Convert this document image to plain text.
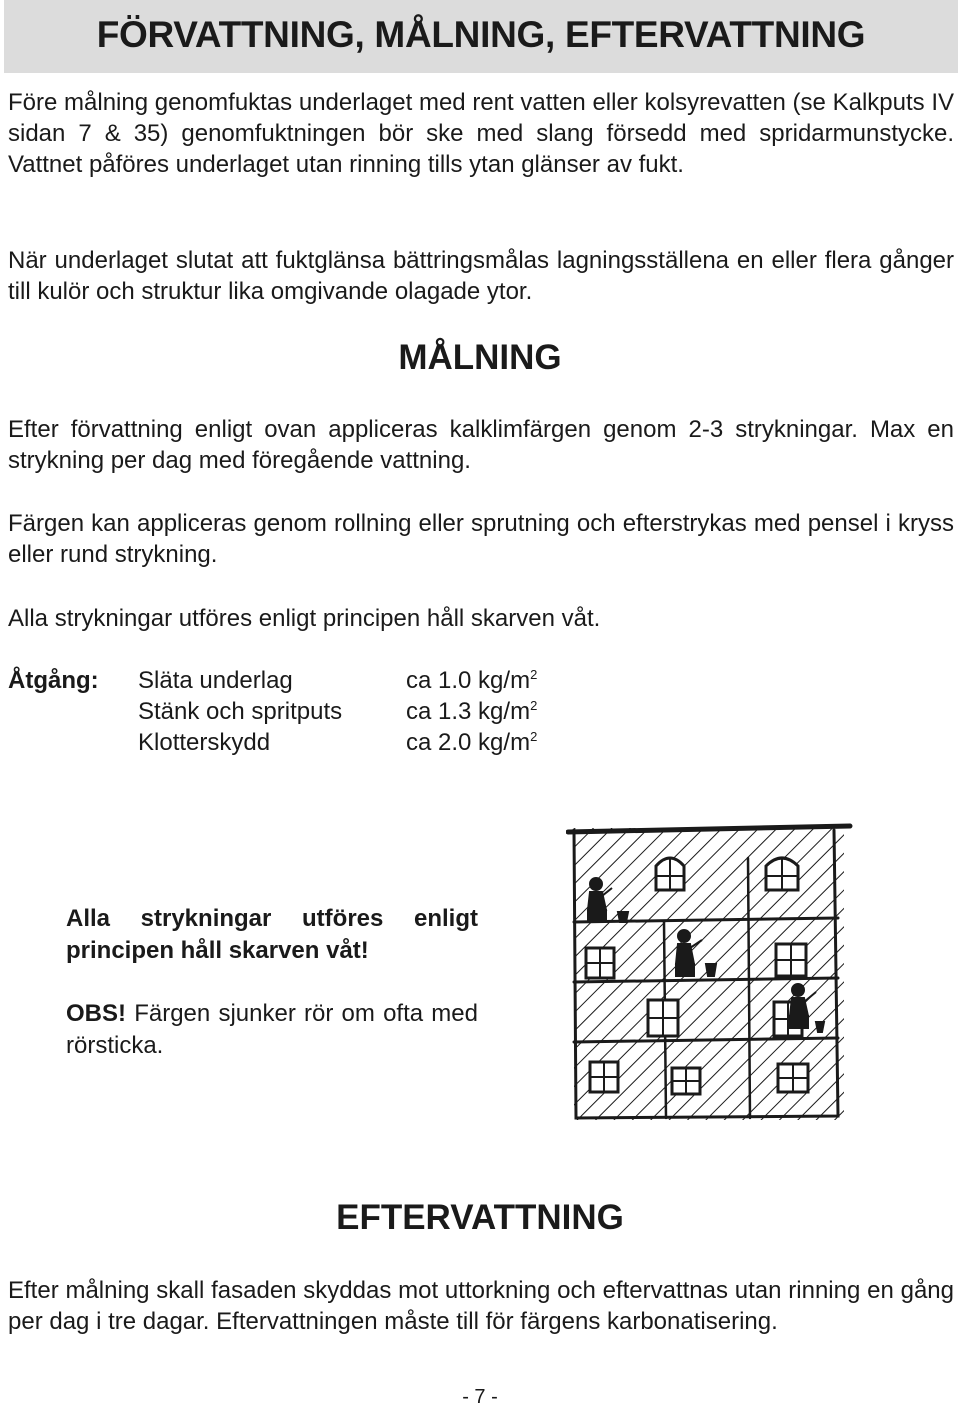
FÖRVATTNING, MÅLNING, EFTERVATTNING

Före målning genomfuktas underlaget med rent vatten eller kolsyrevatten (se Kalkputs IV sidan 7 & 35) genomfuktningen bör ske med slang försedd med spridarmunstycke. Vattnet påföres underlaget utan rinning tills ytan glänser av fukt.

När underlaget slutat att fuktglänsa bättringsmålas lagningsställena en eller flera gånger till kulör och struktur lika omgivande olagade ytor.

MÅLNING

Efter förvattning enligt ovan appliceras kalklimfärgen genom 2-3 strykningar. Max en strykning per dag med föregående vattning.

Färgen kan appliceras genom rollning eller sprutning och efterstrykas med pensel i kryss eller rund strykning.

Alla strykningar utföres enligt principen håll skarven våt.

Åtgång: Släta underlag	ca 1.0 $kg/m^2$
Stänk och spritputs	ca 1.3 $kg/m^2$
Klotterskydd	ca 2.0 $kg/m^2$

Alla strykningar utföres enligt principen håll skarven våt!

OBS! Färgen sjunker rör om ofta med rörsticka.

EFTERVATTNING

Efter målning skall fasaden skyddas mot uttorkning och eftervattnas utan rinning en gång per dag i tre dagar. Eftervattningen måste till för färgens karbonatisering.

- 7 -
